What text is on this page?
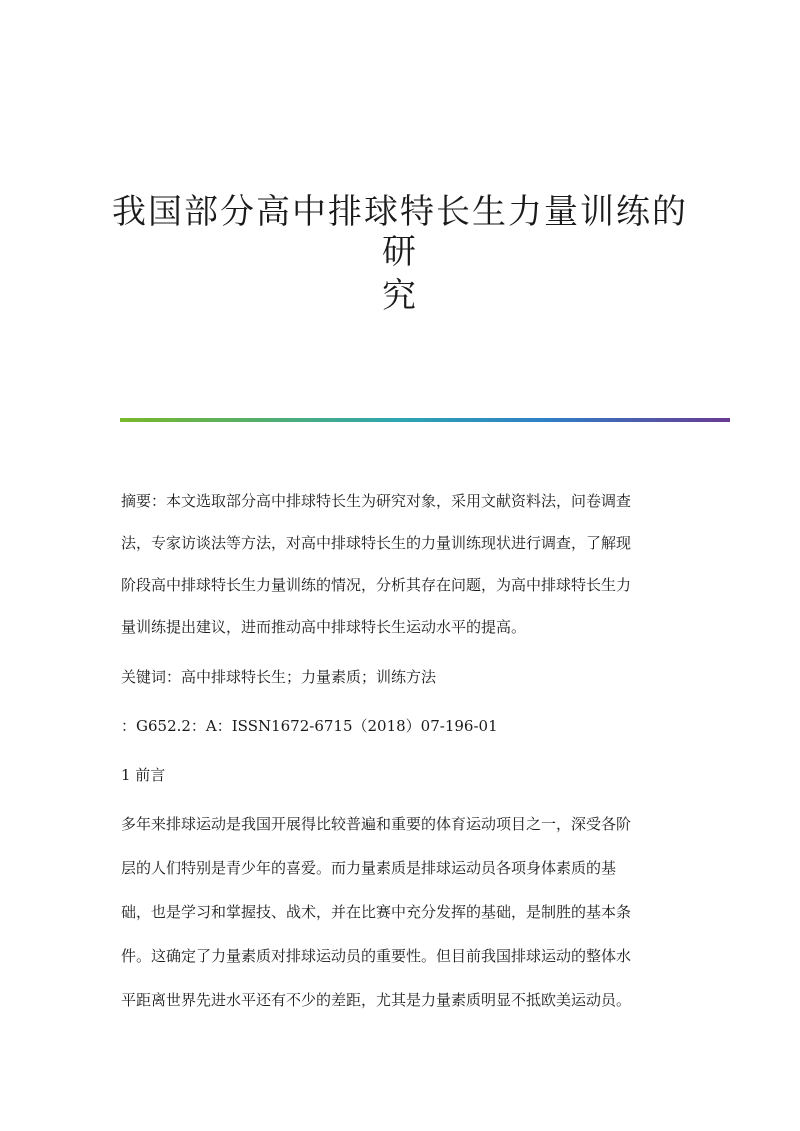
我国部分高中排球特长生力量训练的研
究
摘要：本文选取部分高中排球特长生为研究对象，采用文献资料法，问卷调查
法，专家访谈法等方法，对高中排球特长生的力量训练现状进行调查，了解现
阶段高中排球特长生力量训练的情况，分析其存在问题，为高中排球特长生力
量训练提出建议，进而推动高中排球特长生运动水平的提高。

关键词：高中排球特长生；力量素质；训练方法

：G652.2：A：ISSN1672-6715（2018）07-196-01

1 前言

多年来排球运动是我国开展得比较普遍和重要的体育运动项目之一，深受各阶
层的人们特别是青少年的喜爱。而力量素质是排球运动员各项身体素质的基
础，也是学习和掌握技、战术，并在比赛中充分发挥的基础，是制胜的基本条
件。这确定了力量素质对排球运动员的重要性。但目前我国排球运动的整体水
平距离世界先进水平还有不少的差距，尤其是力量素质明显不抵欧美运动员。
